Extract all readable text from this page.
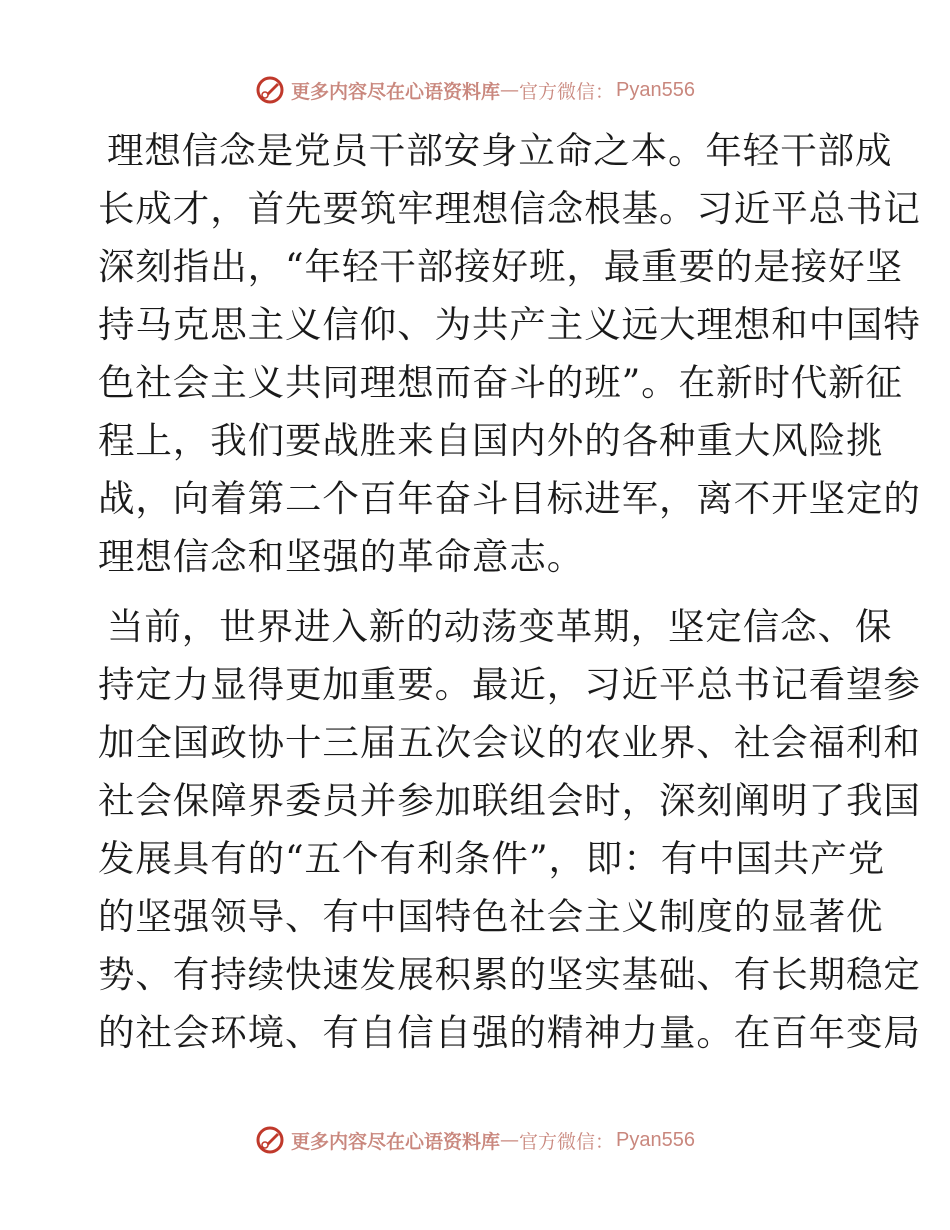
更多内容尽在心语资料库 — 官方微信： Pyan556
理想信念是党员干部安身立命之本。年轻干部成
长成才，首先要筑牢理想信念根基。习近平总书记
深刻指出，“年轻干部接好班，最重要的是接好坚
持马克思主义信仰、为共产主义远大理想和中国特
色社会主义共同理想而奋斗的班”。在新时代新征
程上，我们要战胜来自国内外的各种重大风险挑
战，向着第二个百年奋斗目标进军，离不开坚定的
理想信念和坚强的革命意志。
当前，世界进入新的动荡变革期，坚定信念、保
持定力显得更加重要。最近，习近平总书记看望参
加全国政协十三届五次会议的农业界、社会福利和
社会保障界委员并参加联组会时，深刻阐明了我国
发展具有的“五个有利条件”，即：有中国共产党
的坚强领导、有中国特色社会主义制度的显著优
势、有持续快速发展积累的坚实基础、有长期稳定
的社会环境、有自信自强的精神力量。在百年变局
更多内容尽在心语资料库 — 官方微信： Pyan556
